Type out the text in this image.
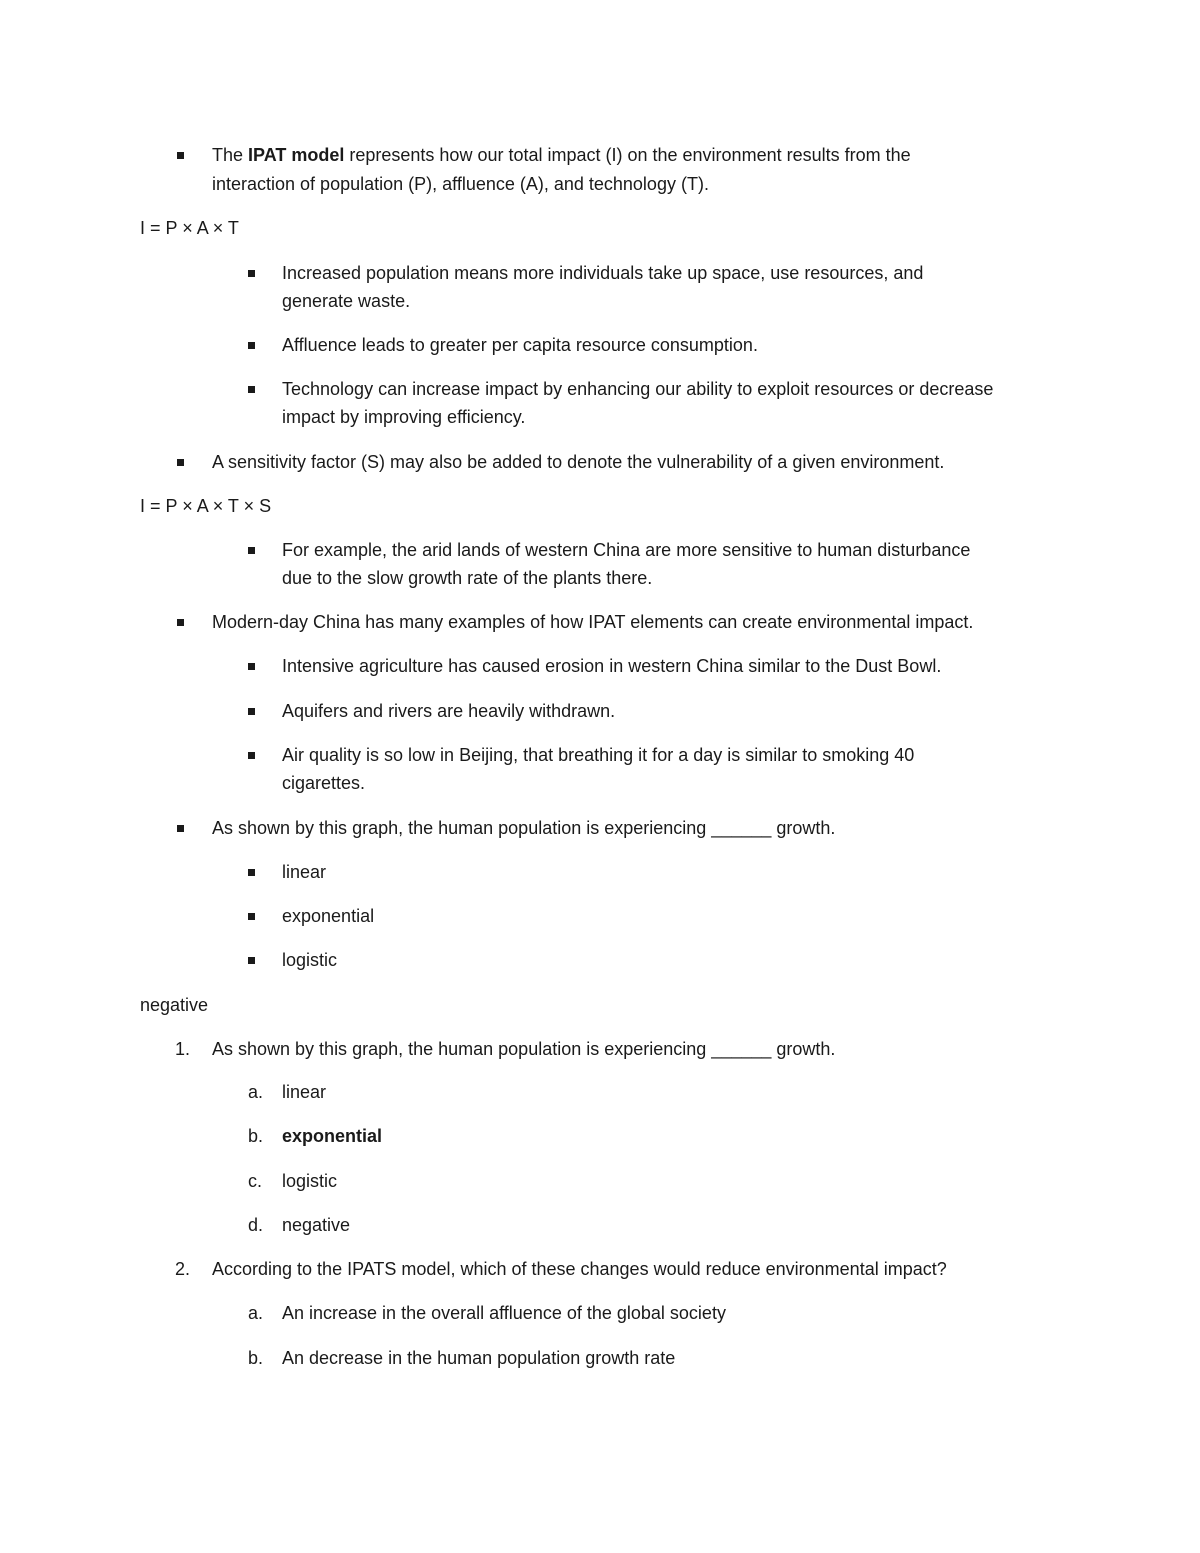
The IPAT model represents how our total impact (I) on the environment results from the
interaction of population (P), affluence (A), and technology (T).
I = P × A × T
Increased population means more individuals take up space, use resources, and
generate waste.
Affluence leads to greater per capita resource consumption.
Technology can increase impact by enhancing our ability to exploit resources or decrease
impact by improving efficiency.
A sensitivity factor (S) may also be added to denote the vulnerability of a given environment.
I = P × A × T × S
For example, the arid lands of western China are more sensitive to human disturbance
due to the slow growth rate of the plants there.
Modern-day China has many examples of how IPAT elements can create environmental impact.
Intensive agriculture has caused erosion in western China similar to the Dust Bowl.
Aquifers and rivers are heavily withdrawn.
Air quality is so low in Beijing, that breathing it for a day is similar to smoking 40
cigarettes.
As shown by this graph, the human population is experiencing ______ growth.
linear
exponential
logistic
negative
1. As shown by this graph, the human population is experiencing ______ growth.
a. linear
b. exponential
c. logistic
d. negative
2. According to the IPATS model, which of these changes would reduce environmental impact?
a. An increase in the overall affluence of the global society
b. An decrease in the human population growth rate
